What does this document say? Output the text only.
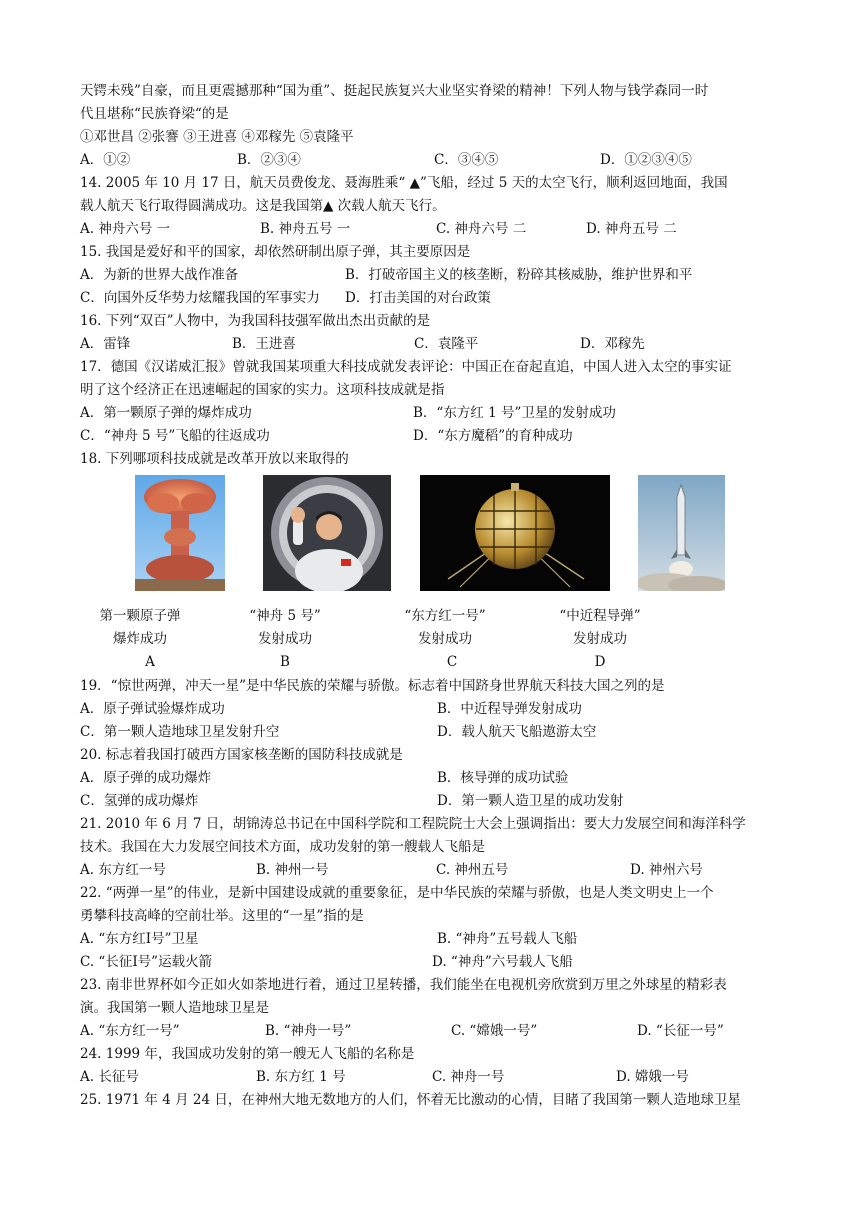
天锷未残”自豪，而且更震撼那种“国为重”、挺起民族复兴大业坚实脊梁的精神！下列人物与钱学森同一时
代且堪称“民族脊梁“的是
①邓世昌 ②张謇 ③王进喜 ④邓稼先 ⑤袁隆平
A．①②	B．②③④	C．③④⑤	D．①②③④⑤
14. 2005 年 10 月 17 日，航天员费俊龙、聂海胜乘“ ▲”飞船，经过 5 天的太空飞行，顺利返回地面，我国
载人航天飞行取得圆满成功。这是我国第▲ 次载人航天飞行。
A. 神舟六号 一	B. 神舟五号 一	C. 神舟六号 二	D. 神舟五号 二
15. 我国是爱好和平的国家，却依然研制出原子弹，其主要原因是
A．为新的世界大战作准备	B．打破帝国主义的核垄断，粉碎其核威胁，维护世界和平
C．向国外反华势力炫耀我国的军事实力	D．打击美国的对台政策
16. 下列“双百”人物中，为我国科技强军做出杰出贡献的是
A．雷锋	B．王进喜	C．袁隆平	D．邓稼先
17．德国《汉诺威汇报》曾就我国某项重大科技成就发表评论：中国正在奋起直追，中国人进入太空的事实证
明了这个经济正在迅速崛起的国家的实力。这项科技成就是指
A．第一颗原子弹的爆炸成功	B．“东方红 1 号”卫星的发射成功
C．“神舟 5 号”飞船的往返成功	D．“东方魔稻”的育种成功
18. 下列哪项科技成就是改革开放以来取得的
第一颗原子弹
爆炸成功
A
“神舟 5 号”
发射成功
B
“东方红一号”
发射成功
C
“中近程导弹”
发射成功
D
19．“惊世两弹，冲天一星”是中华民族的荣耀与骄傲。标志着中国跻身世界航天科技大国之列的是
A．原子弹试验爆炸成功	B．中近程导弹发射成功
C．第一颗人造地球卫星发射升空	D．载人航天飞船遨游太空
20. 标志着我国打破西方国家核垄断的国防科技成就是
A．原子弹的成功爆炸	B．核导弹的成功试验
C．氢弹的成功爆炸	D．第一颗人造卫星的成功发射
21. 2010 年 6 月 7 日，胡锦涛总书记在中国科学院和工程院院士大会上强调指出：要大力发展空间和海洋科学
技术。我国在大力发展空间技术方面，成功发射的第一艘载人飞船是
A. 东方红一号	B. 神州一号	C. 神州五号	D. 神州六号
22. “两弹一星”的伟业，是新中国建设成就的重要象征，是中华民族的荣耀与骄傲，也是人类文明史上一个
勇攀科技高峰的空前壮举。这里的“一星”指的是
A. “东方红Ⅰ号”卫星	B. “神舟”五号载人飞船
C. “长征Ⅰ号”运载火箭	D. “神舟”六号载人飞船
23. 南非世界杯如今正如火如荼地进行着，通过卫星转播，我们能坐在电视机旁欣赏到万里之外球星的精彩表
演。我国第一颗人造地球卫星是
A. “东方红一号”	B. “神舟一号”	C. “嫦娥一号”	D. “长征一号”
24. 1999 年，我国成功发射的第一艘无人飞船的名称是
A. 长征号	B. 东方红 1 号	C. 神舟一号	D. 嫦娥一号
25. 1971 年 4 月 24 日，在神州大地无数地方的人们，怀着无比激动的心情，目睹了我国第一颗人造地球卫星
